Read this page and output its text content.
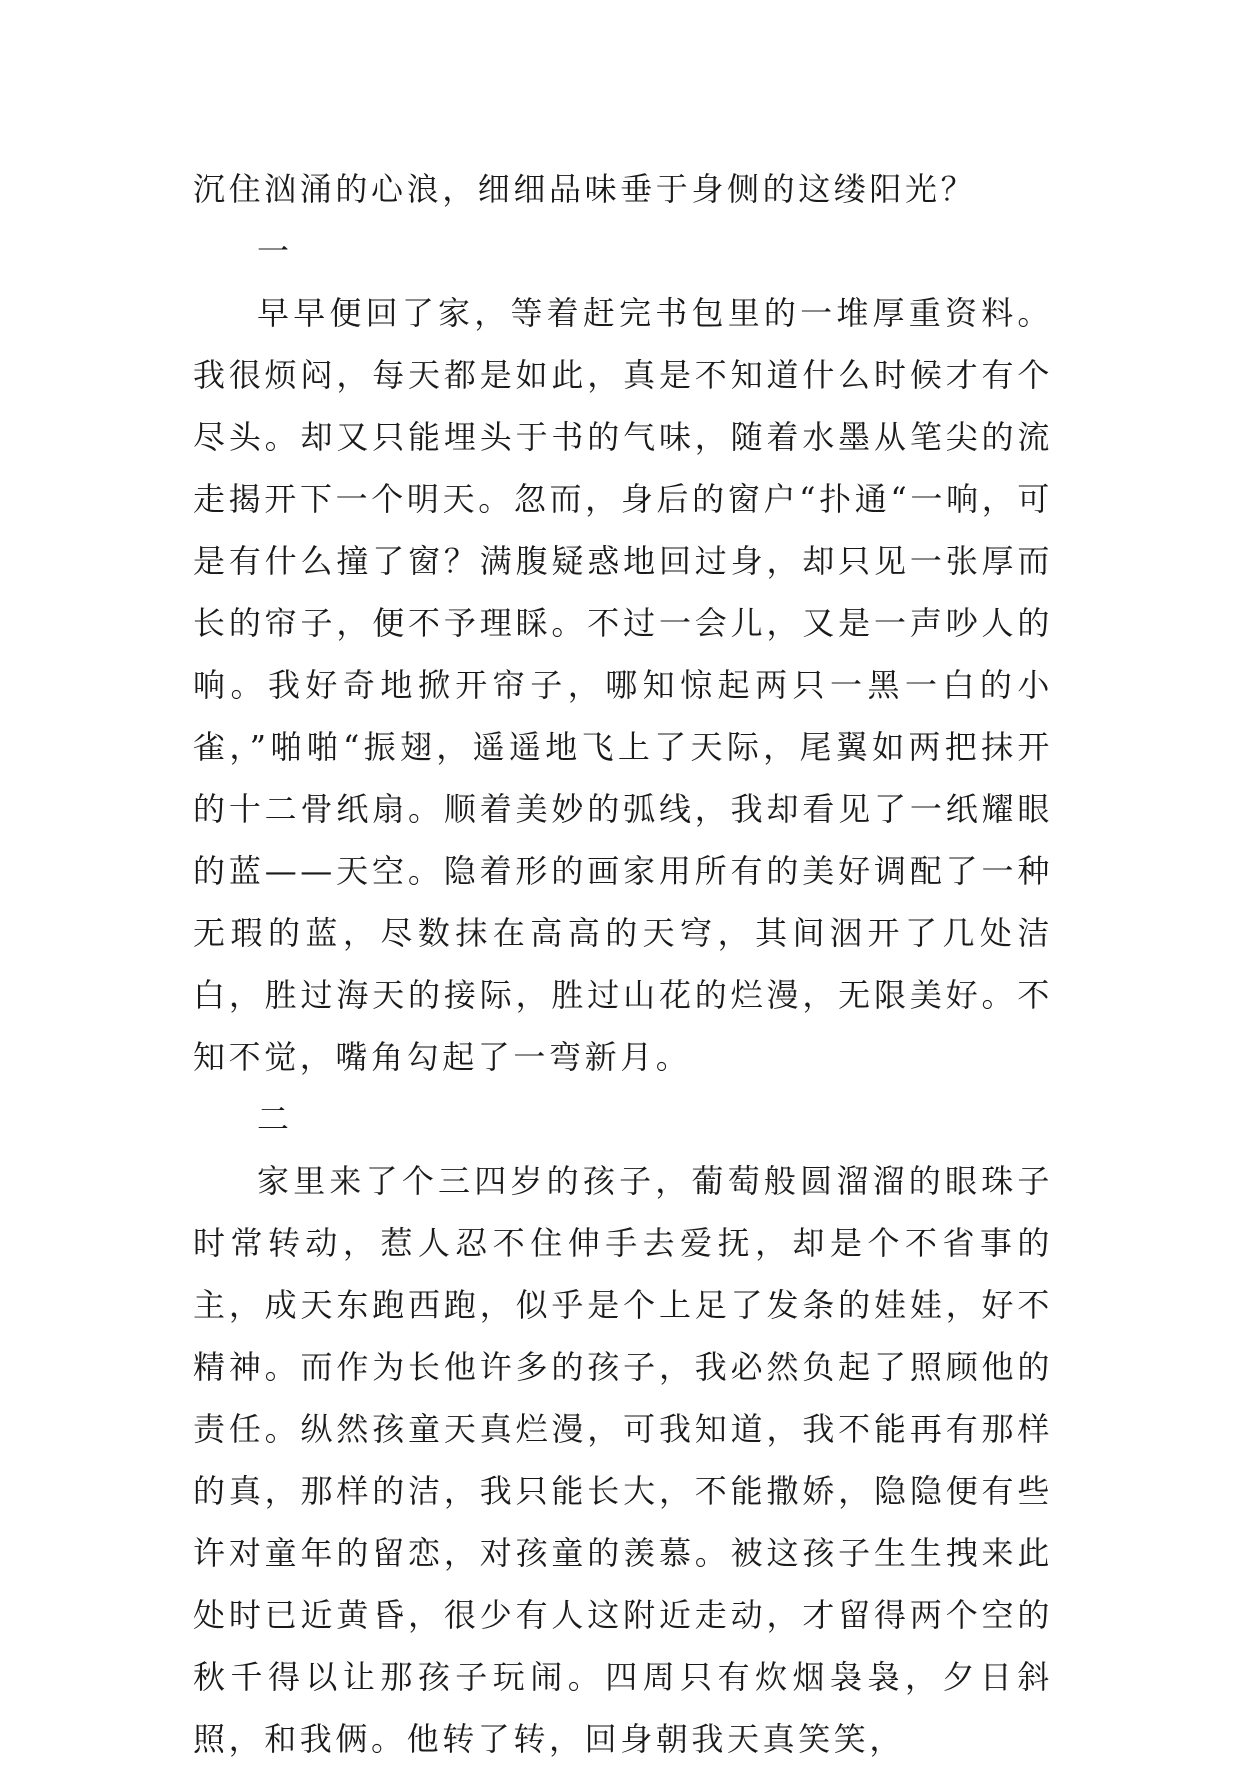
沉住汹涌的心浪，细细品味垂于身侧的这缕阳光？

一

早早便回了家，等着赶完书包里的一堆厚重资料。我很烦闷，每天都是如此，真是不知道什么时候才有个尽头。却又只能埋头于书的气味，随着水墨从笔尖的流走揭开下一个明天。忽而，身后的窗户“扑通“一响，可是有什么撞了窗？满腹疑惑地回过身，却只见一张厚而长的帘子，便不予理睬。不过一会儿，又是一声吵人的响。我好奇地掀开帘子，哪知惊起两只一黑一白的小雀，”啪啪“振翅，遥遥地飞上了天际，尾翼如两把抹开的十二骨纸扇。顺着美妙的弧线，我却看见了一纸耀眼的蓝——天空。隐着形的画家用所有的美好调配了一种无瑕的蓝，尽数抹在高高的天穹，其间洇开了几处洁白，胜过海天的接际，胜过山花的烂漫，无限美好。不知不觉，嘴角勾起了一弯新月。

二

家里来了个三四岁的孩子，葡萄般圆溜溜的眼珠子时常转动，惹人忍不住伸手去爱抚，却是个不省事的主，成天东跑西跑，似乎是个上足了发条的娃娃，好不精神。而作为长他许多的孩子，我必然负起了照顾他的责任。纵然孩童天真烂漫，可我知道，我不能再有那样的真，那样的洁，我只能长大，不能撒娇，隐隐便有些许对童年的留恋，对孩童的羡慕。被这孩子生生拽来此处时已近黄昏，很少有人这附近走动，才留得两个空的秋千得以让那孩子玩闹。四周只有炊烟袅袅，夕日斜照，和我俩。他转了转，回身朝我天真笑笑，
